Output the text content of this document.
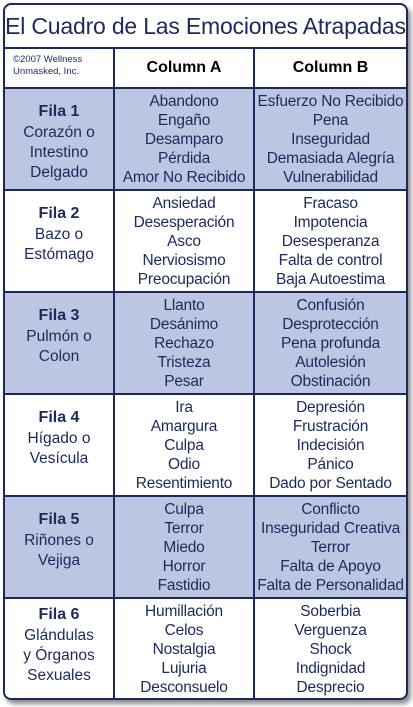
El Cuadro de Las Emociones Atrapadas
©2007 Wellness Unmasked, Inc.	Column A	Column B
Fila 1
Corazón o
Intestino
Delgado
Abandono
Engaño
Desamparo
Pérdida
Amor No Recibido
Esfuerzo No Recibido
Pena
Inseguridad
Demasiada Alegría
Vulnerabilidad
Fila 2
Bazo o
Estómago
Ansiedad
Desesperación
Asco
Nerviosismo
Preocupación
Fracaso
Impotencia
Desesperanza
Falta de control
Baja Autoestima
Fila 3
Pulmón o
Colon
Llanto
Desánimo
Rechazo
Tristeza
Pesar
Confusión
Desprotección
Pena profunda
Autolesión
Obstinación
Fila 4
Hígado o
Vesícula
Ira
Amargura
Culpa
Odio
Resentimiento
Depresión
Frustración
Indecisión
Pánico
Dado por Sentado
Fila 5
Riñones o
Vejiga
Culpa
Terror
Miedo
Horror
Fastidio
Conflicto
Inseguridad Creativa
Terror
Falta de Apoyo
Falta de Personalidad
Fila 6
Glándulas
y Órganos
Sexuales
Humillación
Celos
Nostalgia
Lujuria
Desconsuelo
Soberbia
Verguenza
Shock
Indignidad
Desprecio
